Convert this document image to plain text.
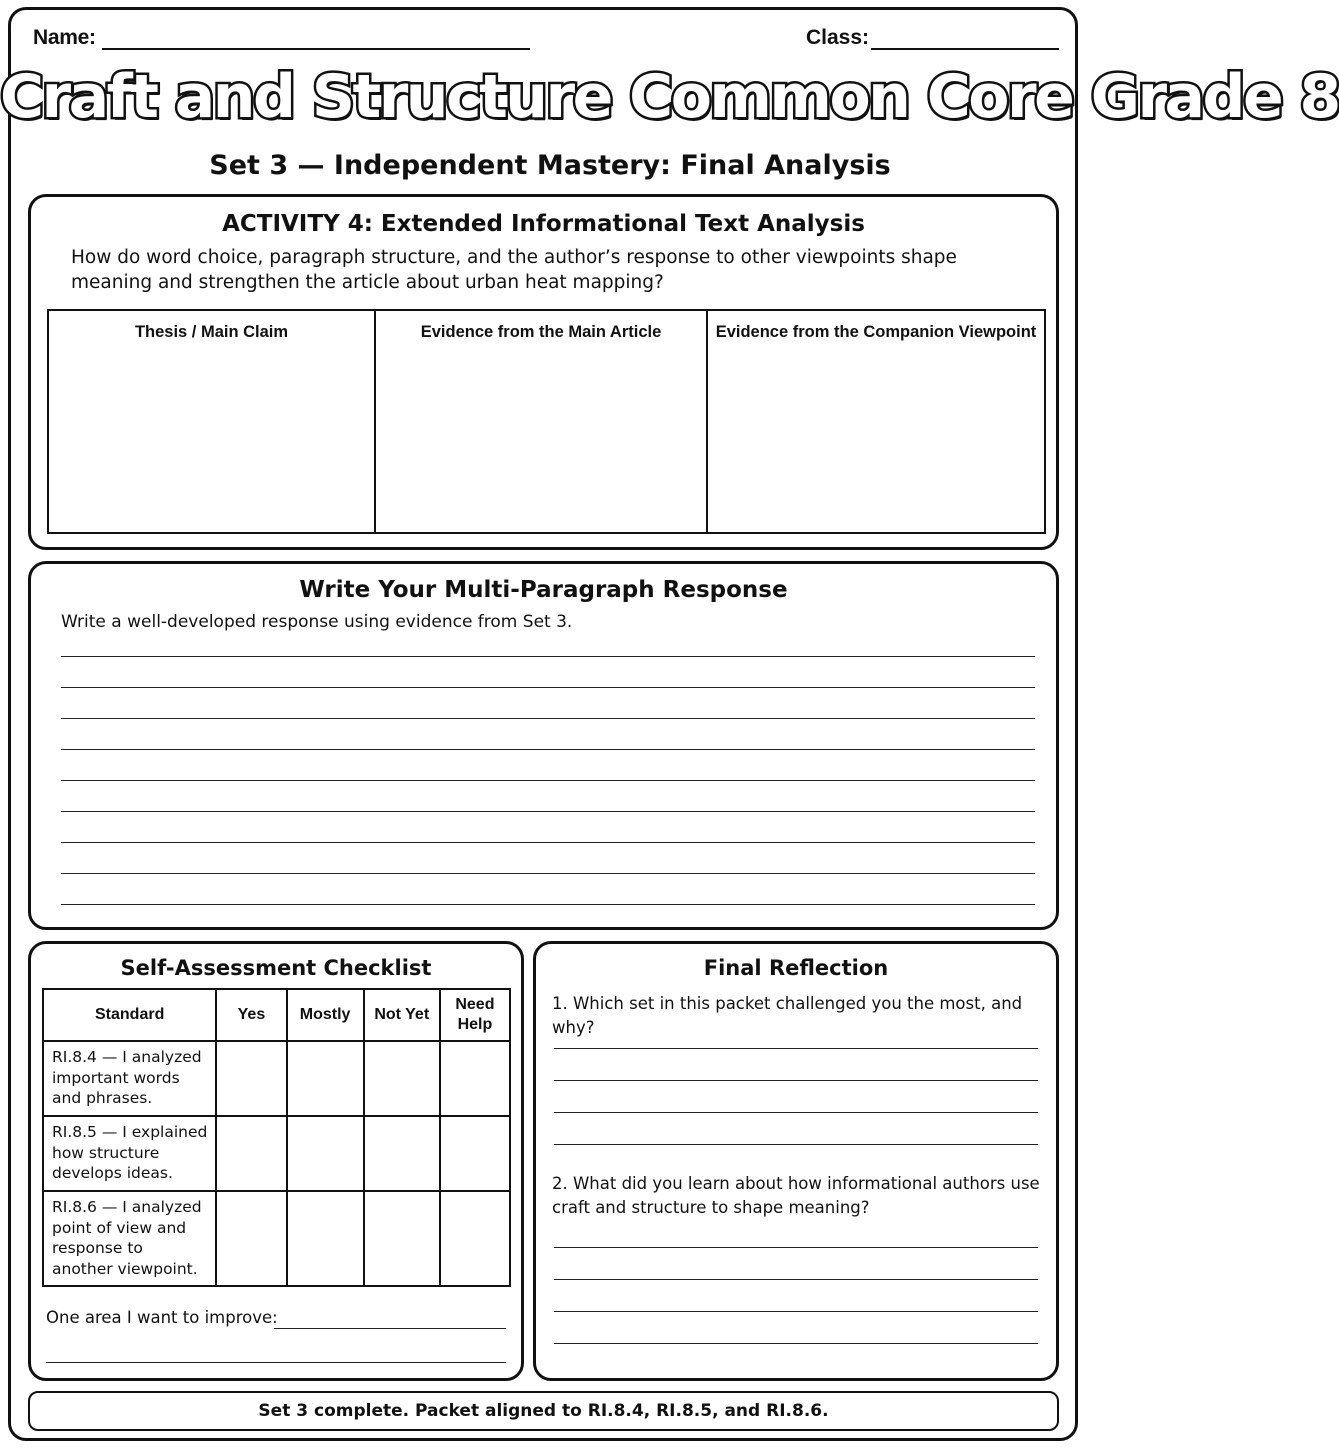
Name:	Class:
Craft and Structure Common Core Grade 8
Set 3 — Independent Mastery: Final Analysis
ACTIVITY 4: Extended Informational Text Analysis
How do word choice, paragraph structure, and the author’s response to other viewpoints shape meaning and strengthen the article about urban heat mapping?
Thesis / Main Claim	Evidence from the Main Article	Evidence from the Companion Viewpoint
Write Your Multi-Paragraph Response
Write a well-developed response using evidence from Set 3.
Self-Assessment Checklist
Standard	Yes	Mostly	Not Yet	Need Help
RI.8.4 — I analyzed important words and phrases.				
RI.8.5 — I explained how structure develops ideas.				
RI.8.6 — I analyzed point of view and response to another viewpoint.				
One area I want to improve:
Final Reflection
1. Which set in this packet challenged you the most, and why?
2. What did you learn about how informational authors use craft and structure to shape meaning?
Set 3 complete. Packet aligned to RI.8.4, RI.8.5, and RI.8.6.
